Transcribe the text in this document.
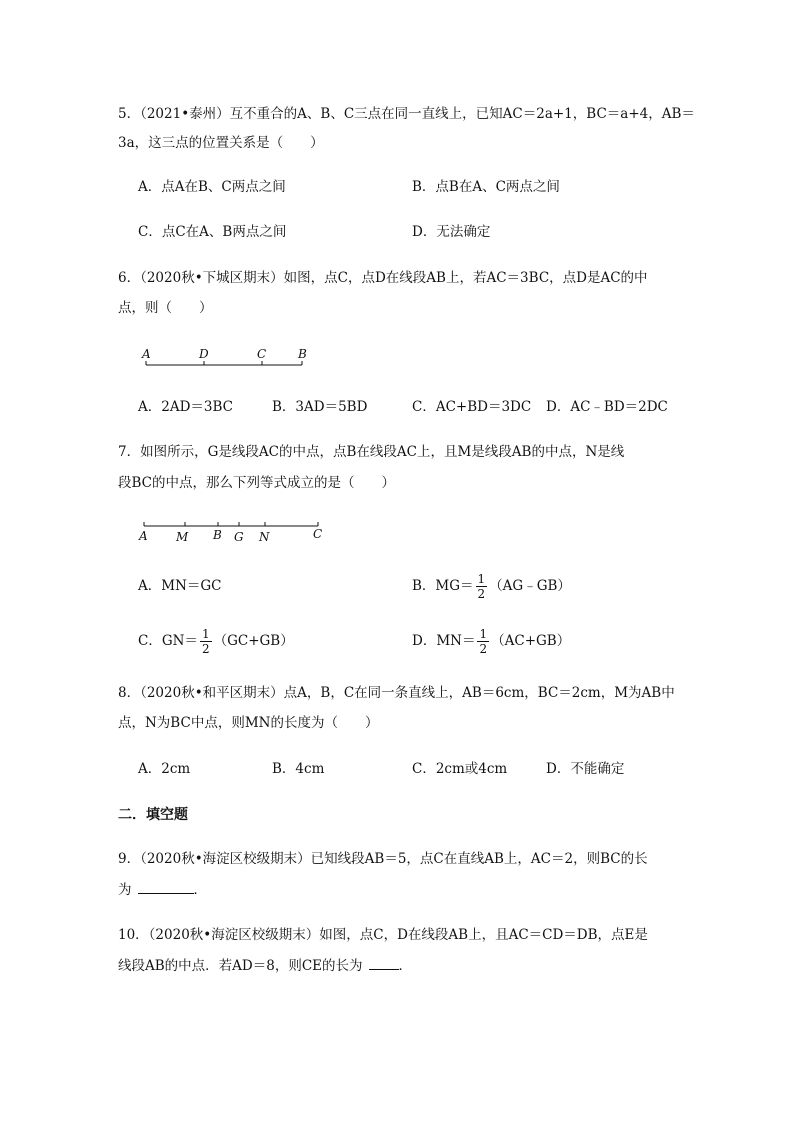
5．（2021•泰州）互不重合的A、B、C三点在同一直线上，已知AC＝2a+1，BC＝a+4，AB＝
3a，这三点的位置关系是（　　）
A．点A在B、C两点之间	B．点B在A、C两点之间
C．点C在A、B两点之间	D．无法确定
6．（2020秋•下城区期末）如图，点C，点D在线段AB上，若AC＝3BC，点D是AC的中
点，则（　　）
A	D	C	B
A．2AD＝3BC	B．3AD＝5BD	C．AC+BD＝3DC D．AC﹣BD＝2DC
7．如图所示，G是线段AC的中点，点B在线段AC上，且M是线段AB的中点，N是线
段BC的中点，那么下列等式成立的是（　　）
A M B G N	C
A．MN＝GC	B．$MG= \frac{1}{2}$ （AG﹣GB）
C．$GN= \frac{1}{2} (GC+GB)$	D．$MN= \frac{1}{2} (AC+GB)$
8．（2020秋•和平区期末）点A，B，C在同一条直线上，AB＝6cm，BC＝2cm，M为AB中
点，N为BC中点，则MN的长度为（　　）
A．2cm	B．4cm	C．2cm或4cm	D．不能确定
二．填空题
9．（2020秋•海淀区校级期末）已知线段AB＝5，点C在直线AB上，AC＝2，则BC的长
为	．
10．（2020秋•海淀区校级期末）如图，点C，D在线段AB上，且AC＝CD＝DB，点E是
线段AB的中点．若AD＝8，则CE的长为	．
